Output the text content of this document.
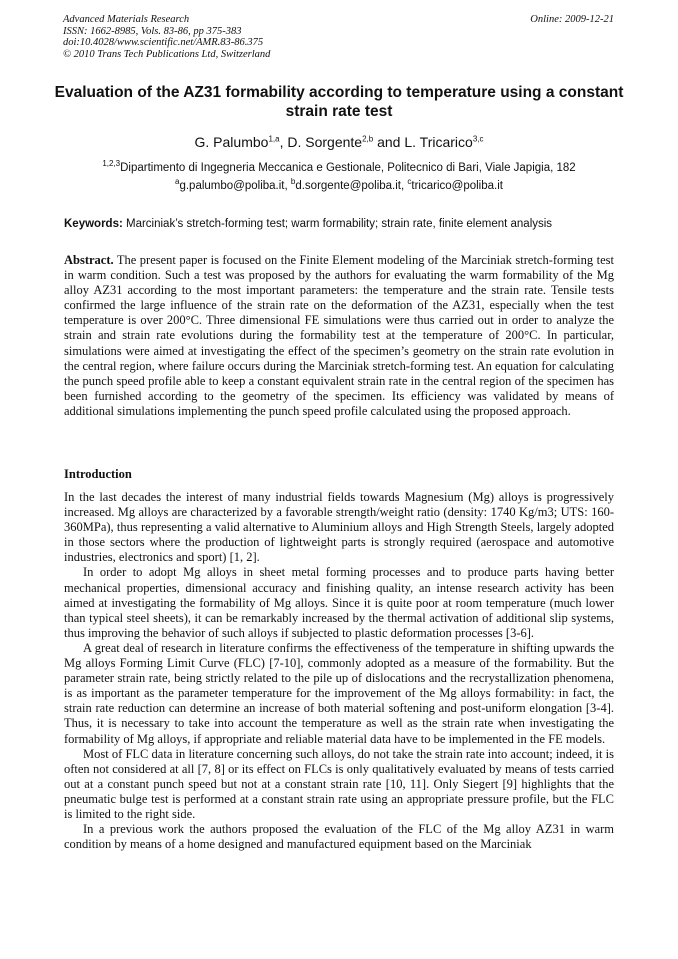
Advanced Materials Research
ISSN: 1662-8985, Vols. 83-86, pp 375-383
doi:10.4028/www.scientific.net/AMR.83-86.375
© 2010 Trans Tech Publications Ltd, Switzerland
Online: 2009-12-21
Evaluation of the AZ31 formability according to temperature using a constant strain rate test
G. Palumbo$^{1,a}$, D. Sorgente$^{2,b}$ and L. Tricarico$^{3,c}$
$^{1,2,3}$Dipartimento di Ingegneria Meccanica e Gestionale, Politecnico di Bari, Viale Japigia, 182
$^a$g.palumbo@poliba.it, $^b$d.sorgente@poliba.it, $^c$tricarico@poliba.it
Keywords: Marciniak’s stretch-forming test; warm formability; strain rate, finite element analysis
Abstract. The present paper is focused on the Finite Element modeling of the Marciniak stretch-forming test in warm condition. Such a test was proposed by the authors for evaluating the warm formability of the Mg alloy AZ31 according to the most important parameters: the temperature and the strain rate. Tensile tests confirmed the large influence of the strain rate on the deformation of the AZ31, especially when the test temperature is over 200°C. Three dimensional FE simulations were thus carried out in order to analyze the strain and strain rate evolutions during the formability test at the temperature of 200°C. In particular, simulations were aimed at investigating the effect of the specimen’s geometry on the strain rate evolution in the central region, where failure occurs during the Marciniak stretch-forming test. An equation for calculating the punch speed profile able to keep a constant equivalent strain rate in the central region of the specimen has been furnished according to the geometry of the specimen. Its efficiency was validated by means of additional simulations implementing the punch speed profile calculated using the proposed approach.
Introduction

In the last decades the interest of many industrial fields towards Magnesium (Mg) alloys is progressively increased. Mg alloys are characterized by a favorable strength/weight ratio (density: 1740 Kg/m3; UTS: 160-360MPa), thus representing a valid alternative to Aluminium alloys and High Strength Steels, largely adopted in those sectors where the production of lightweight parts is strongly required (aerospace and automotive industries, electronics and sport) [1, 2].

In order to adopt Mg alloys in sheet metal forming processes and to produce parts having better mechanical properties, dimensional accuracy and finishing quality, an intense research activity has been aimed at investigating the formability of Mg alloys. Since it is quite poor at room temperature (much lower than typical steel sheets), it can be remarkably increased by the thermal activation of additional slip systems, thus improving the behavior of such alloys if subjected to plastic deformation processes [3-6].

A great deal of research in literature confirms the effectiveness of the temperature in shifting upwards the Mg alloys Forming Limit Curve (FLC) [7-10], commonly adopted as a measure of the formability. But the parameter strain rate, being strictly related to the pile up of dislocations and the recrystallization phenomena, is as important as the parameter temperature for the improvement of the Mg alloys formability: in fact, the strain rate reduction can determine an increase of both material softening and post-uniform elongation [3-4]. Thus, it is necessary to take into account the temperature as well as the strain rate when investigating the formability of Mg alloys, if appropriate and reliable material data have to be implemented in the FE models.

Most of FLC data in literature concerning such alloys, do not take the strain rate into account; indeed, it is often not considered at all [7, 8] or its effect on FLCs is only qualitatively evaluated by means of tests carried out at a constant punch speed but not at a constant strain rate [10, 11]. Only Siegert [9] highlights that the pneumatic bulge test is performed at a constant strain rate using an appropriate pressure profile, but the FLC is limited to the right side.

In a previous work the authors proposed the evaluation of the FLC of the Mg alloy AZ31 in warm condition by means of a home designed and manufactured equipment based on the Marciniak
